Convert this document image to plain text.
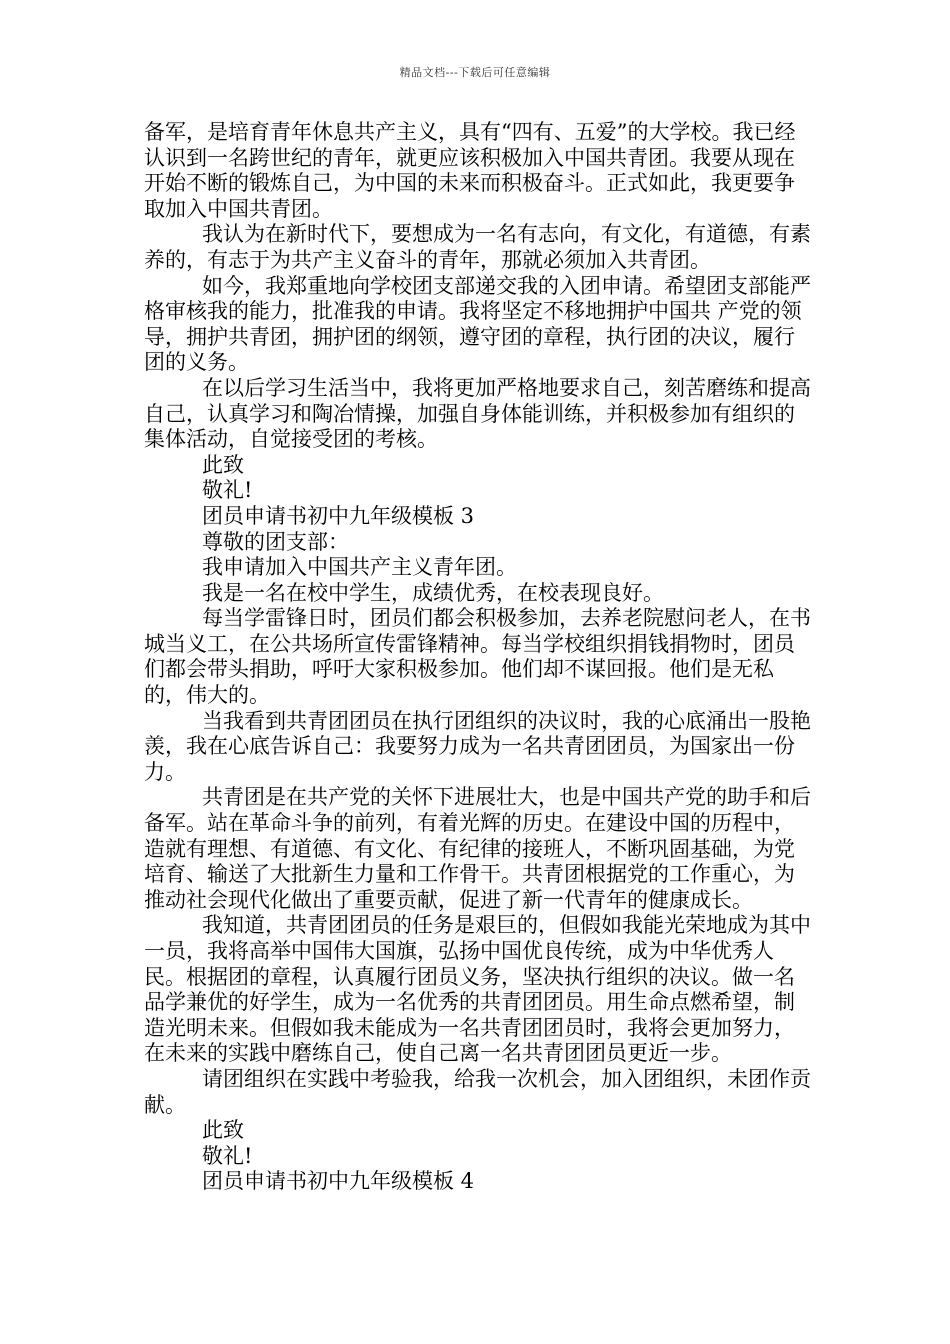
精品文档---下载后可任意编辑

备军，是培育青年休息共产主义，具有“四有、五爱”的大学校。我已经认识到一名跨世纪的青年，就更应该积极加入中国共青团。我要从现在开始不断的锻炼自己，为中国的未来而积极奋斗。正式如此，我更要争取加入中国共青团。

我认为在新时代下，要想成为一名有志向，有文化，有道德，有素养的，有志于为共产主义奋斗的青年，那就必须加入共青团。

如今，我郑重地向学校团支部递交我的入团申请。希望团支部能严格审核我的能力，批准我的申请。我将坚定不移地拥护中国共 产党的领导，拥护共青团，拥护团的纲领，遵守团的章程，执行团的决议，履行团的义务。

在以后学习生活当中，我将更加严格地要求自己，刻苦磨练和提高自己，认真学习和陶冶情操，加强自身体能训练，并积极参加有组织的集体活动，自觉接受团的考核。

此致

敬礼!

团员申请书初中九年级模板 3

尊敬的团支部：

我申请加入中国共产主义青年团。

我是一名在校中学生，成绩优秀，在校表现良好。

每当学雷锋日时，团员们都会积极参加，去养老院慰问老人，在书城当义工，在公共场所宣传雷锋精神。每当学校组织捐钱捐物时，团员们都会带头捐助，呼吁大家积极参加。他们却不谋回报。他们是无私的，伟大的。

当我看到共青团团员在执行团组织的决议时，我的心底涌出一股艳羡，我在心底告诉自己：我要努力成为一名共青团团员，为国家出一份力。

共青团是在共产党的关怀下进展壮大，也是中国共产党的助手和后备军。站在革命斗争的前列，有着光辉的历史。在建设中国的历程中，造就有理想、有道德、有文化、有纪律的接班人，不断巩固基础，为党培育、输送了大批新生力量和工作骨干。共青团根据党的工作重心，为推动社会现代化做出了重要贡献，促进了新一代青年的健康成长。

我知道，共青团团员的任务是艰巨的，但假如我能光荣地成为其中一员，我将高举中国伟大国旗，弘扬中国优良传统，成为中华优秀人民。根据团的章程，认真履行团员义务，坚决执行组织的决议。做一名品学兼优的好学生，成为一名优秀的共青团团员。用生命点燃希望，制造光明未来。但假如我未能成为一名共青团团员时，我将会更加努力，在未来的实践中磨练自己，使自己离一名共青团团员更近一步。

请团组织在实践中考验我，给我一次机会，加入团组织，未团作贡献。

此致

敬礼!

团员申请书初中九年级模板 4
